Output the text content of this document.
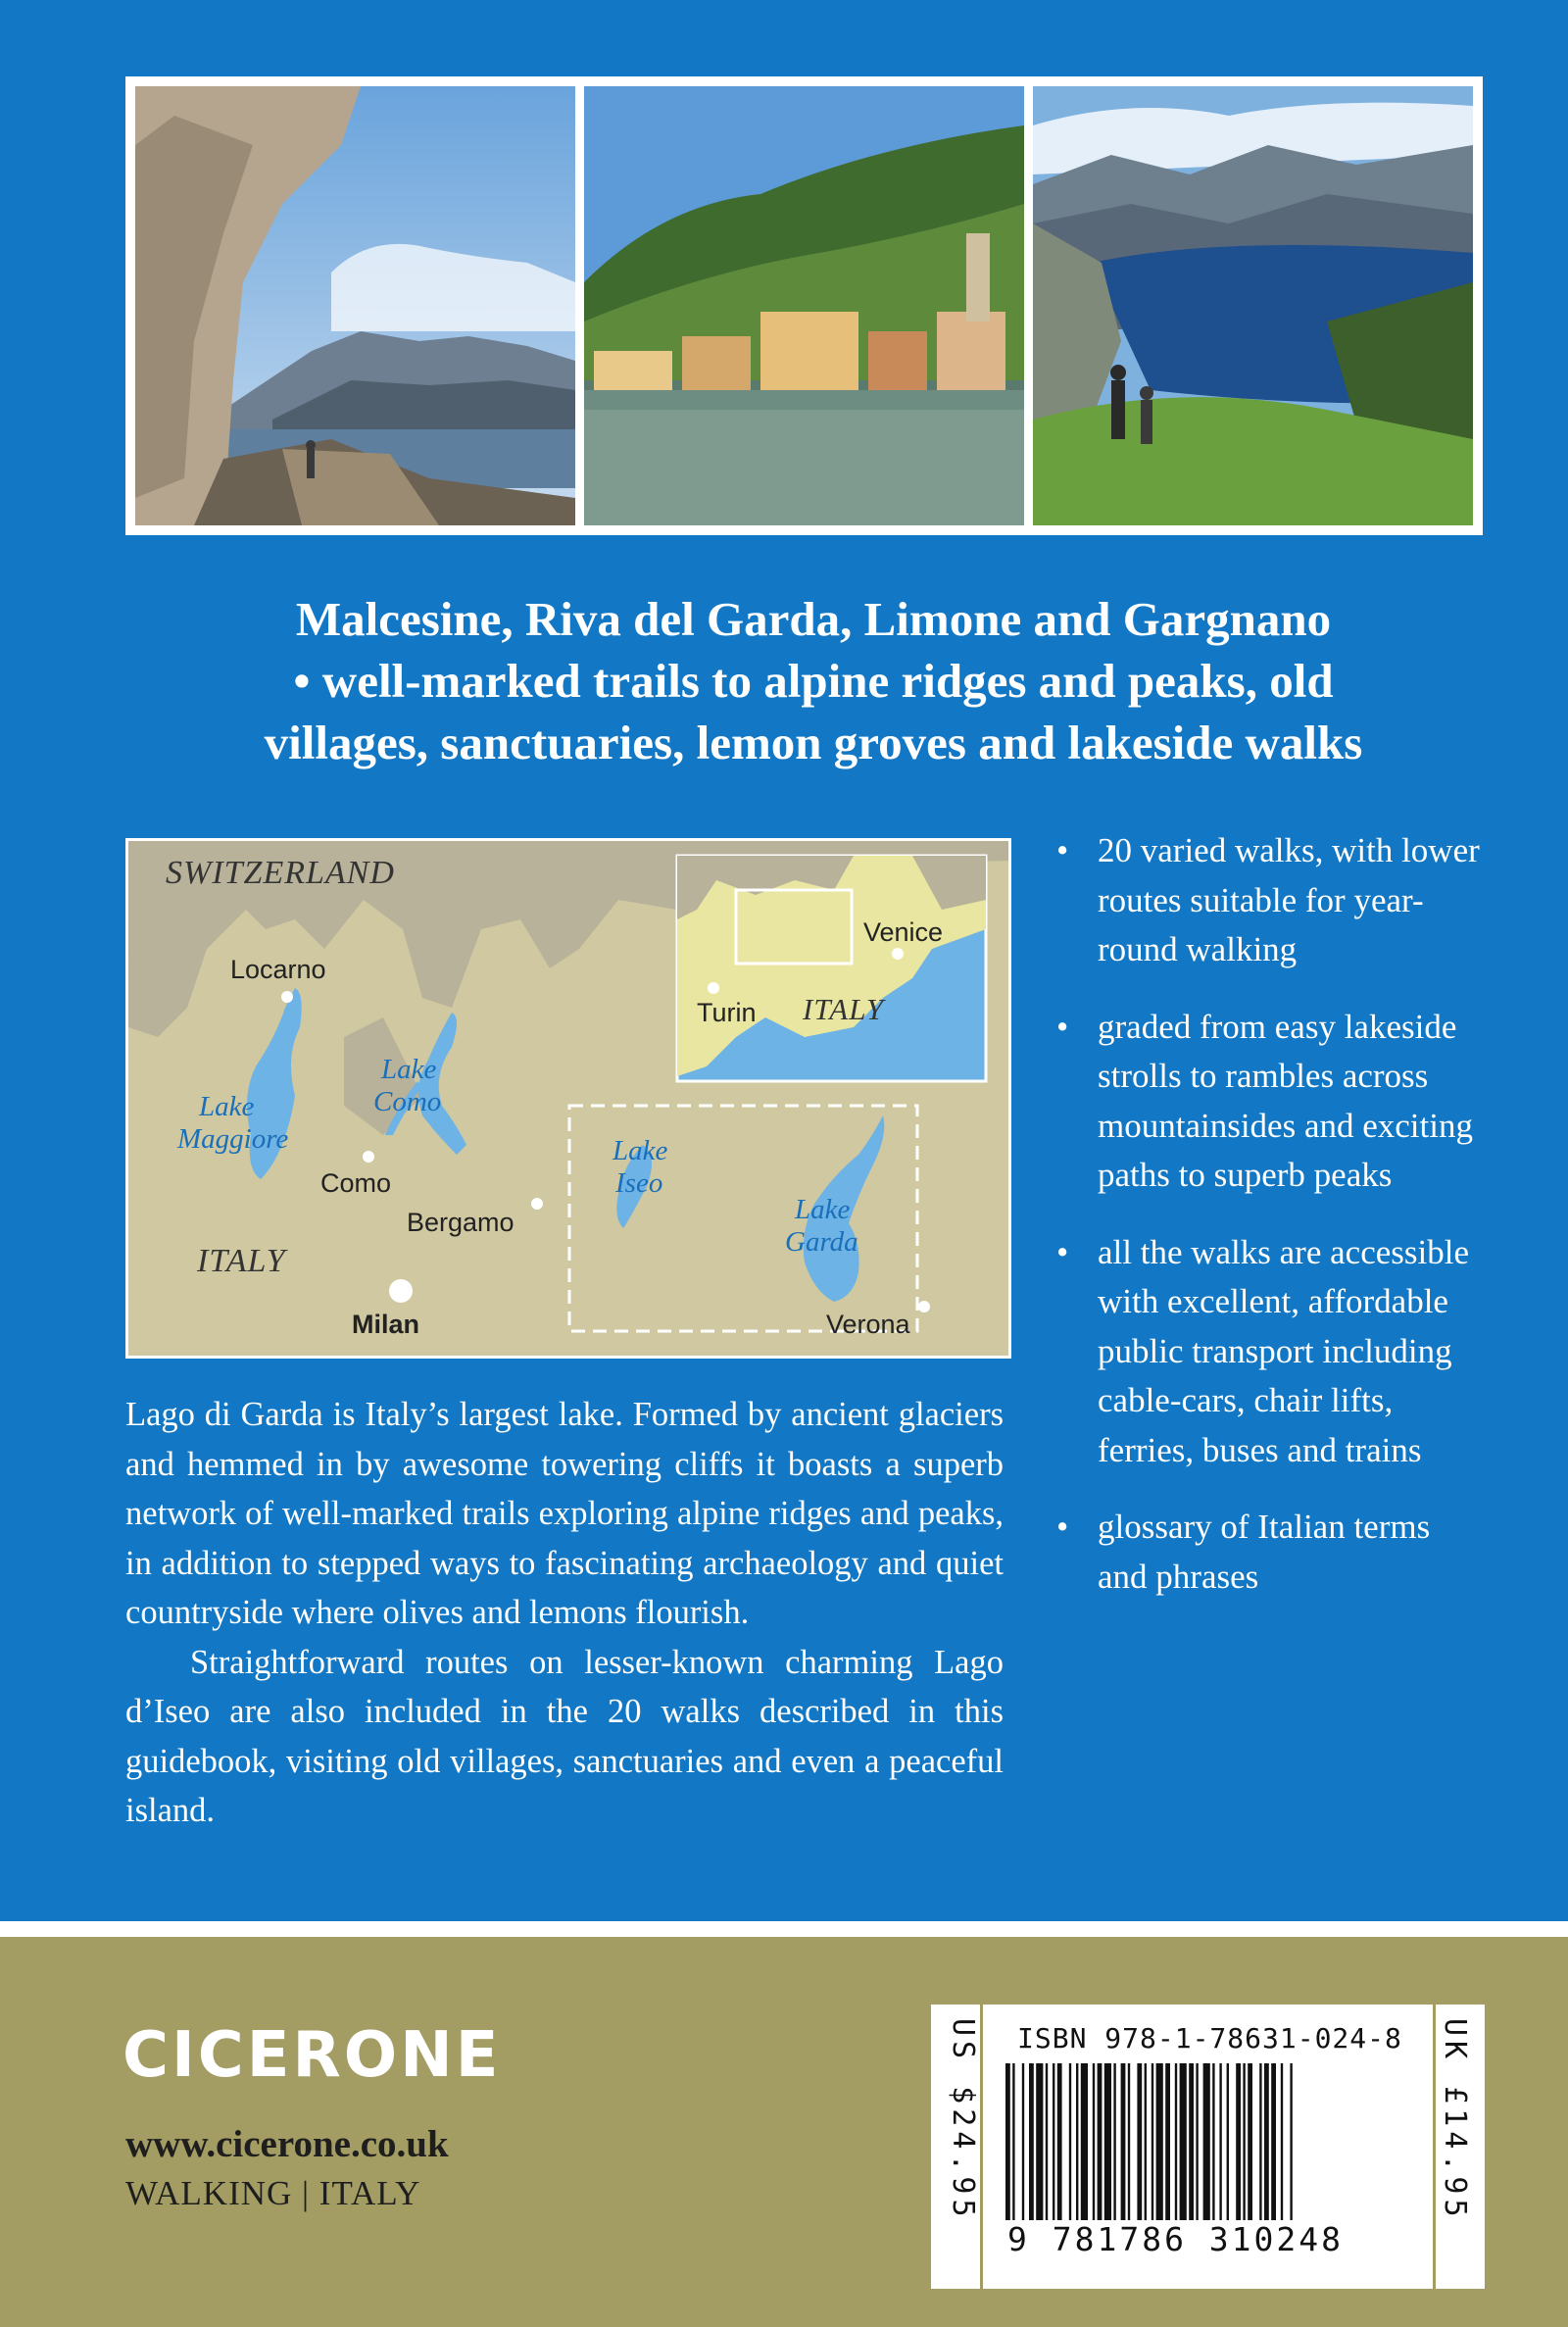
Malcesine, Riva del Garda, Limone and Gargnano
• well-marked trails to alpine ridges and peaks, old
villages, sanctuaries, lemon groves and lakeside walks
SWITZERLAND
ITALY
Locarno
Lake
Maggiore
Lake
Como
Como
Bergamo
Milan
Lake
Iseo
Lake
Garda
Verona
Venice
Turin ITALY

Lago di Garda is Italy’s largest lake. Formed by ancient glaciers and hemmed in by awesome towering cliffs it boasts a superb network of well-marked trails exploring alpine ridges and peaks, in addition to stepped ways to fascinating archaeology and quiet countryside where olives and lemons flourish.

Straightforward routes on lesser-known charming Lago d’Iseo are also included in the 20 walks described in this guidebook, visiting old villages, sanctuaries and even a peaceful island.

• 20 varied walks, with lower routes suitable for year-round walking
• graded from easy lakeside strolls to rambles across mountainsides and exciting paths to superb peaks
• all the walks are accessible with excellent, affordable public transport including cable-cars, chair lifts, ferries, buses and trains
• glossary of Italian terms and phrases
CICERONE
www.cicerone.co.uk
WALKING | ITALY	US $24.95	UK £14.95
ISBN 978-1-78631-024-8
9 781786 310248
